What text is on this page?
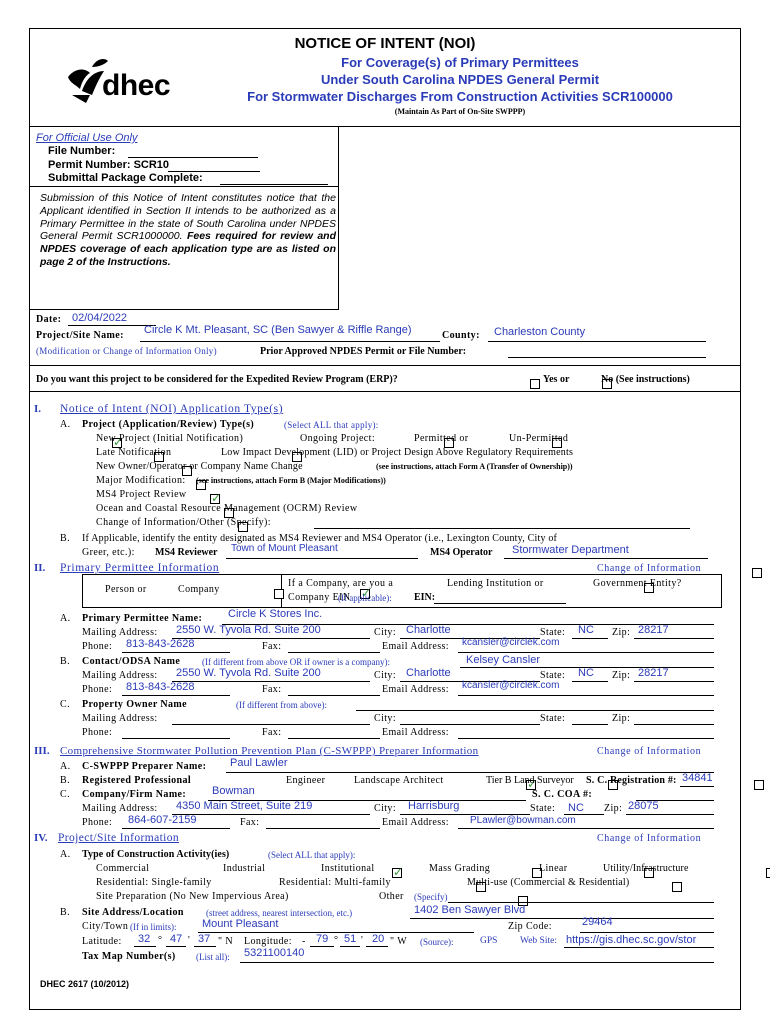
dhec
NOTICE OF INTENT (NOI)
For Coverage(s) of Primary Permittees
Under South Carolina NPDES General Permit
For Stormwater Discharges From Construction Activities SCR100000
(Maintain As Part of On-Site SWPPP)
For Official Use Only
File Number:
Permit Number: SCR10
Submittal Package Complete:
Submission of this Notice of Intent constitutes notice that the Applicant identified in Section II intends to be authorized as a Primary Permittee in the state of South Carolina under NPDES General Permit SCR1000000. Fees required for review and NPDES coverage of each application type are as listed on page 2 of the Instructions.
Date: 02/04/2022
Project/Site Name: Circle K Mt. Pleasant, SC (Ben Sawyer & Riffle Range)	County: Charleston County
(Modification or Change of Information Only)	Prior Approved NPDES Permit or File Number:
Do you want this project to be considered for the Expedited Review Program (ERP)?
	Yes or
	No (See instructions)
I. Notice of Intent (NOI) Application Type(s)
A. Project (Application/Review) Type(s)	(Select ALL that apply):
✓
New Project (Initial Notification)	Ongoing Project:
	Permitted or
	Un-Permitted

Late Notification
	Low Impact Development (LID) or Project Design Above Regulatory Requirements

New Owner/Operator or Company Name Change	(see instructions, attach Form A (Transfer of Ownership))

Major Modification: (see instructions, attach Form B (Major Modifications))
✓
MS4 Project Review

Ocean and Coastal Resource Management (OCRM) Review

Change of Information/Other (Specify):
B. If Applicable, identify the entity designated as MS4 Reviewer and MS4 Operator (i.e., Lexington County, City of
Greer, etc.): MS4 Reviewer Town of Mount Pleasant	MS4 Operator Stormwater Department
II. Primary Permittee Information
	Change of Information

Person or
✓	Company
If a Company, are you a
	Lending Institution or
	Government Entity?
Company EIN
(If applicable): EIN:
A. Primary Permittee Name: Circle K Stores Inc.
Mailing Address: 2550 W. Tyvola Rd. Suite 200	City: Charlotte	State: NC Zip: 28217
Phone: 813-843-2628	Fax:	Email Address: kcansler@circlek.com
B. Contact/ODSA Name (If different from above OR if owner is a company):	Kelsey Cansler
Mailing Address: 2550 W. Tyvola Rd. Suite 200	City: Charlotte	State: NC Zip: 28217
Phone: 813-843-2628	Fax:	Email Address: kcansler@circlek.com
C. Property Owner Name	(If different from above):
Mailing Address:	City:	State:	Zip:
Phone:	Fax:	Email Address:
III. Comprehensive Stormwater Pollution Prevention Plan (C-SWPPP) Preparer Information
	Change of Information
A. C-SWPPP Preparer Name: Paul Lawler
B. Registered Professional
✓	Engineer
	Landscape Architect
	Tier B Land Surveyor S. C. Registration #: 34841
C. Company/Firm Name: Bowman	S. C. COA #:
Mailing Address: 4350 Main Street, Suite 219	City: Harrisburg	State: NC Zip: 28075
Phone: 864-607-2159	Fax:	Email Address: PLawler@bowman.com
IV. Project/Site Information
	Change of Information
A. Type of Construction Activity(ies)	(Select ALL that apply):
✓
Commercial
	Industrial
	Institutional
	Mass Grading
	Linear
	Utility/Infrastructure

Residential: Single-family
	Residential: Multi-family
	Multi-use (Commercial & Residential)

Site Preparation (No New Impervious Area)
	Other (Specify)
B. Site Address/Location (street address, nearest intersection, etc.)	1402 Ben Sawyer Blvd
City/Town (If in limits): Mount Pleasant	Zip Code:	29464
Latitude: 32 ° 47 ' 37 " N Longitude: - 79 ° 51 ' 20 " W (Source):
	GPS Web Site: https://gis.dhec.sc.gov/stor
Tax Map Number(s) (List all): 5321100140
DHEC 2617 (10/2012)
